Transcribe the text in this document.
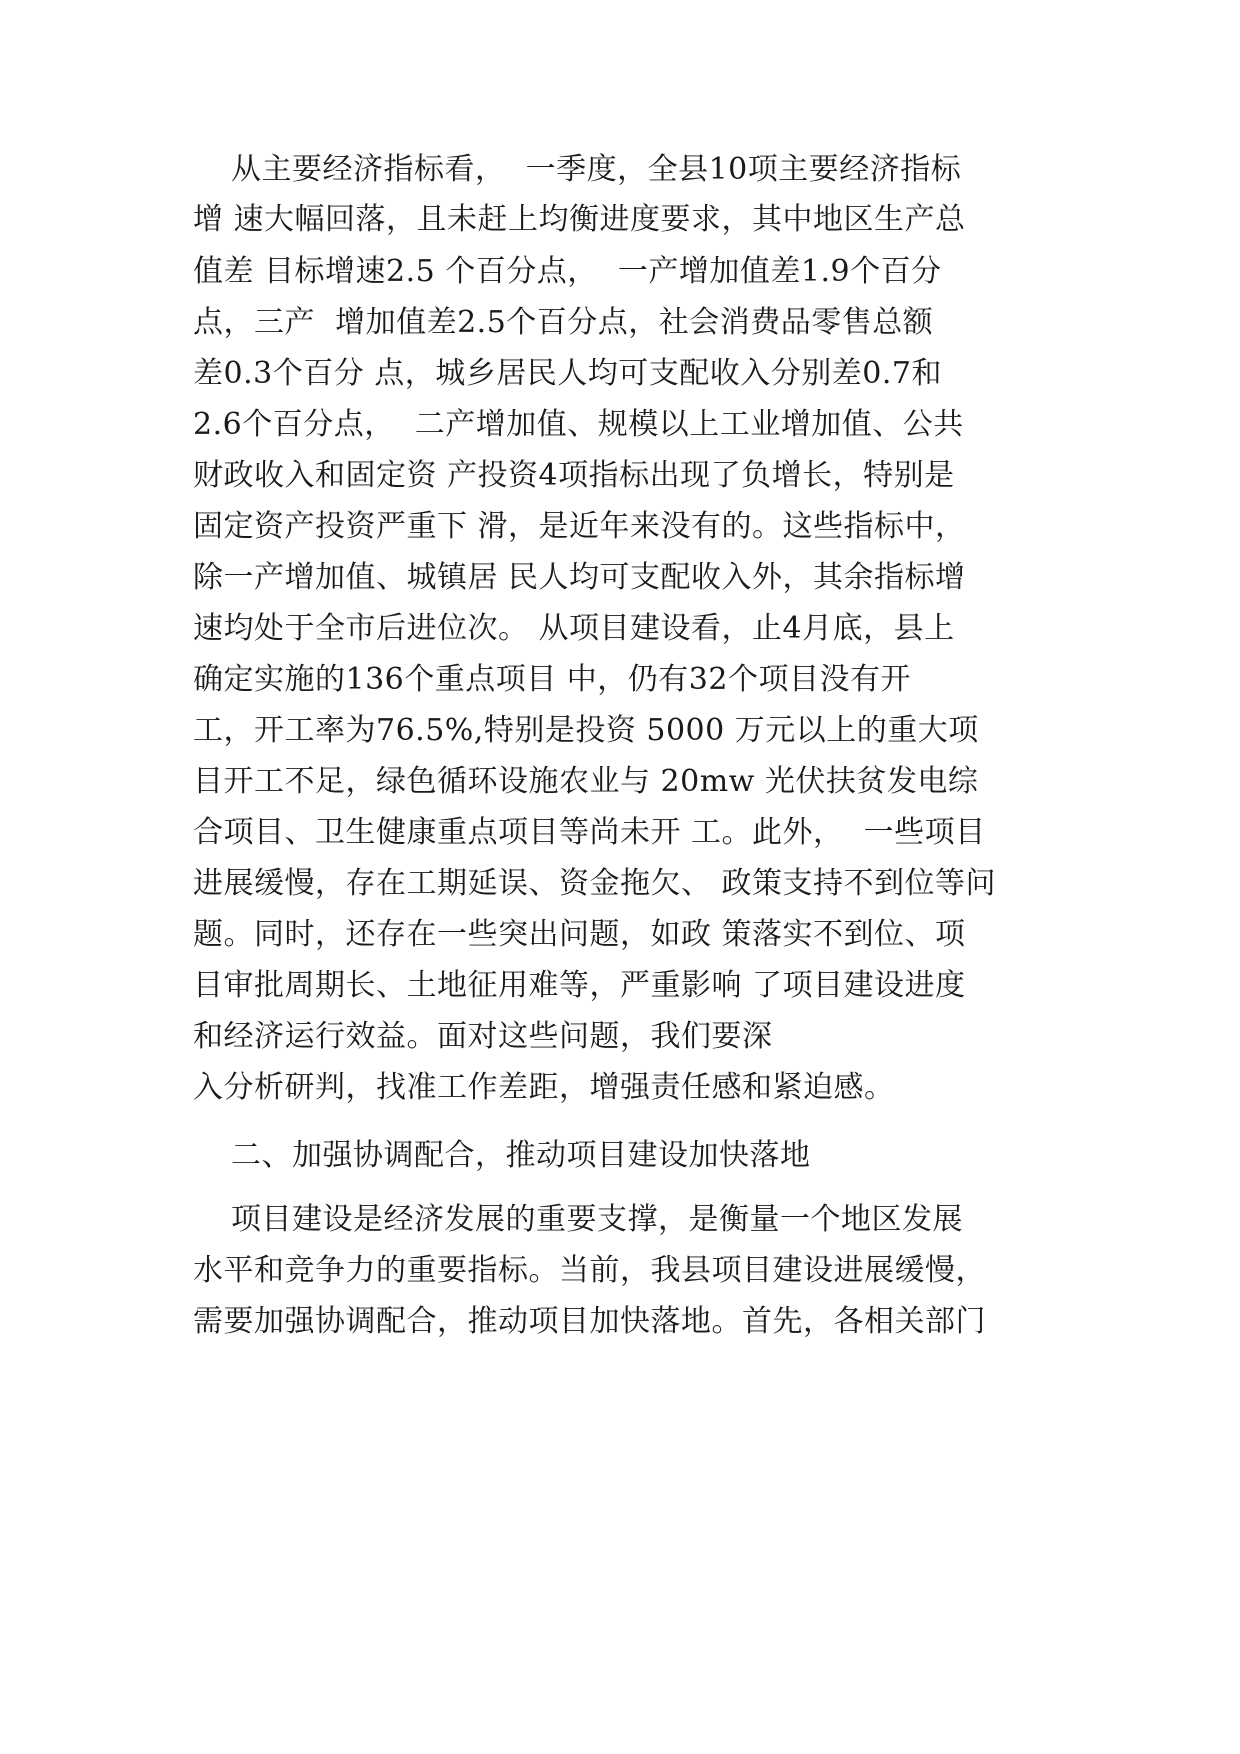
从主要经济指标看，  一季度，全县10项主要经济指标
增 速大幅回落，且未赶上均衡进度要求，其中地区生产总
值差 目标增速2.5 个百分点，  一产增加值差1.9个百分
点，三产  增加值差2.5个百分点，社会消费品零售总额
差0.3个百分 点，城乡居民人均可支配收入分别差0.7和
2.6个百分点，  二产增加值、规模以上工业增加值、公共
财政收入和固定资 产投资4项指标出现了负增长，特别是
固定资产投资严重下 滑，是近年来没有的。这些指标中，
除一产增加值、城镇居 民人均可支配收入外，其余指标增
速均处于全市后进位次。 从项目建设看，止4月底，县上
确定实施的136个重点项目 中，仍有32个项目没有开
工，开工率为76.5%,特别是投资 5000 万元以上的重大项
目开工不足，绿色循环设施农业与 20mw 光伏扶贫发电综
合项目、卫生健康重点项目等尚未开 工。此外，  一些项目
进展缓慢，存在工期延误、资金拖欠、 政策支持不到位等问
题。同时，还存在一些突出问题，如政 策落实不到位、项
目审批周期长、土地征用难等，严重影响 了项目建设进度
和经济运行效益。面对这些问题，我们要深
入分析研判，找准工作差距，增强责任感和紧迫感。
二、加强协调配合，推动项目建设加快落地
项目建设是经济发展的重要支撑，是衡量一个地区发展
水平和竞争力的重要指标。当前，我县项目建设进展缓慢，
需要加强协调配合，推动项目加快落地。首先，各相关部门
